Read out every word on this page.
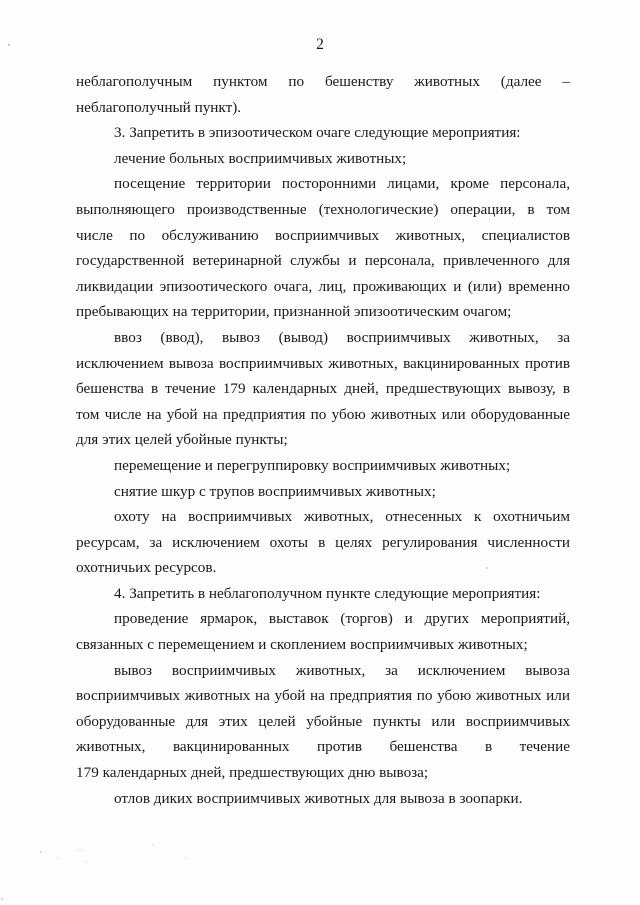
2
неблагополучным пунктом по бешенству животных (далее –
неблагополучный пункт).
3. Запретить в эпизоотическом очаге следующие мероприятия:
лечение больных восприимчивых животных;
посещение территории посторонними лицами, кроме персонала,
выполняющего производственные (технологические) операции, в том
числе по обслуживанию восприимчивых животных, специалистов
государственной ветеринарной службы и персонала, привлеченного для
ликвидации эпизоотического очага, лиц, проживающих и (или) временно
пребывающих на территории, признанной эпизоотическим очагом;
ввоз (ввод), вывоз (вывод) восприимчивых животных, за
исключением вывоза восприимчивых животных, вакцинированных против
бешенства в течение 179 календарных дней, предшествующих вывозу, в
том числе на убой на предприятия по убою животных или оборудованные
для этих целей убойные пункты;
перемещение и перегруппировку восприимчивых животных;
снятие шкур с трупов восприимчивых животных;
охоту на восприимчивых животных, отнесенных к охотничьим
ресурсам, за исключением охоты в целях регулирования численности
охотничьих ресурсов.
4. Запретить в неблагополучном пункте следующие мероприятия:
проведение ярмарок, выставок (торгов) и других мероприятий,
связанных с перемещением и скоплением восприимчивых животных;
вывоз восприимчивых животных, за исключением вывоза
восприимчивых животных на убой на предприятия по убою животных или
оборудованные для этих целей убойные пункты или восприимчивых
животных, вакцинированных против бешенства в течение
179 календарных дней, предшествующих дню вывоза;
отлов диких восприимчивых животных для вывоза в зоопарки.
